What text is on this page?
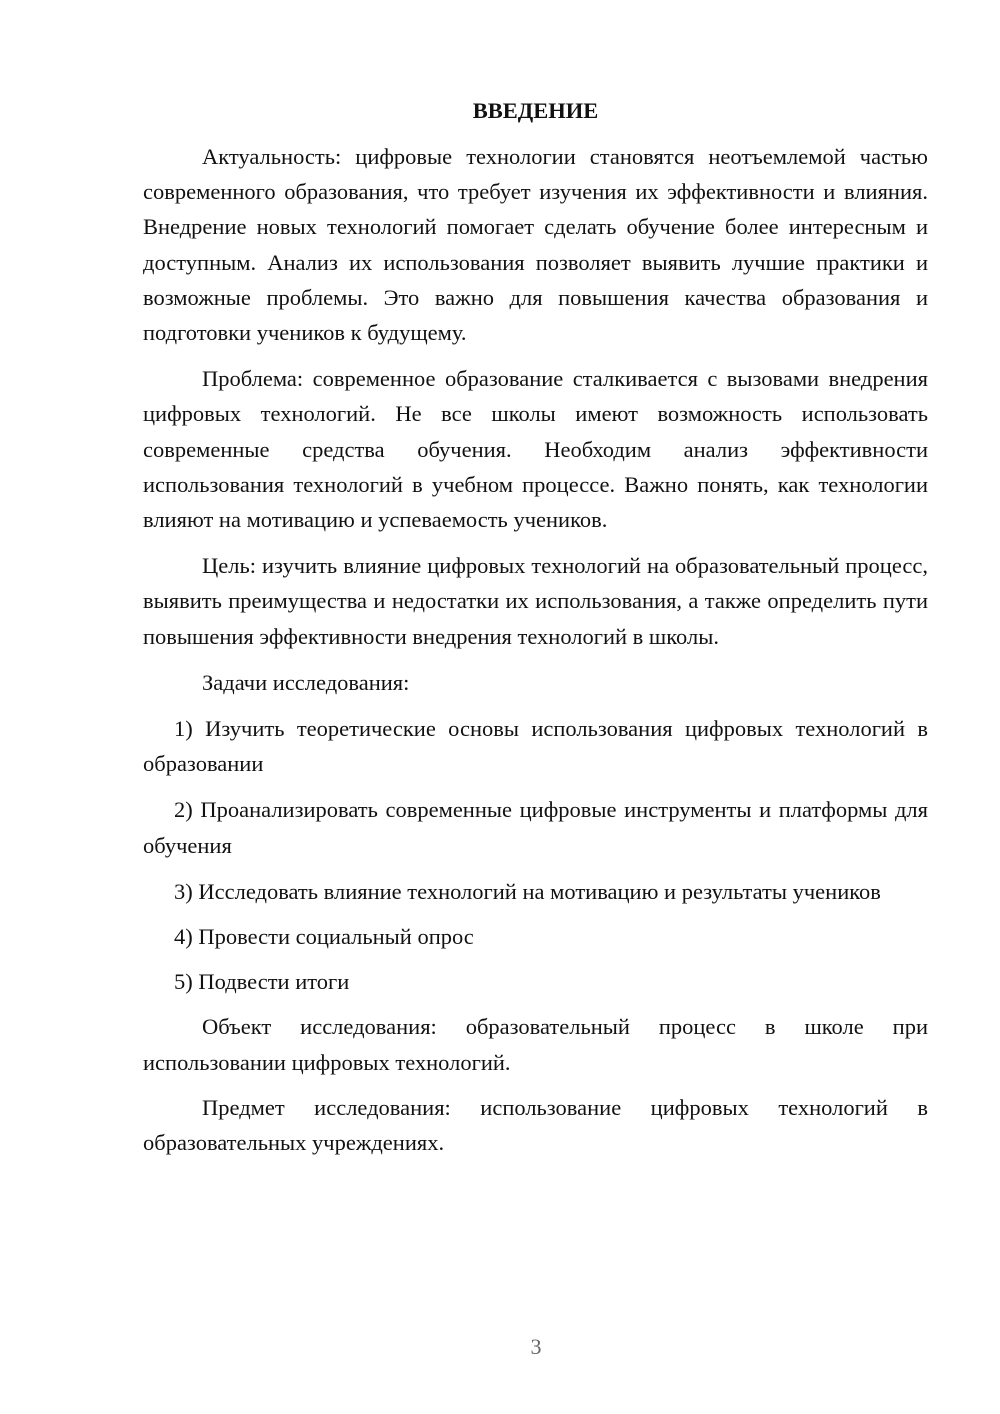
ВВЕДЕНИЕ

Актуальность: цифровые технологии становятся неотъемлемой частью современного образования, что требует изучения их эффективности и влияния. Внедрение новых технологий помогает сделать обучение более интересным и доступным. Анализ их использования позволяет выявить лучшие практики и возможные проблемы. Это важно для повышения качества образования и подготовки учеников к будущему.

Проблема: современное образование сталкивается с вызовами внедрения цифровых технологий. Не все школы имеют возможность использовать современные средства обучения. Необходим анализ эффективности использования технологий в учебном процессе. Важно понять, как технологии влияют на мотивацию и успеваемость учеников.

Цель: изучить влияние цифровых технологий на образовательный процесс, выявить преимущества и недостатки их использования, а также определить пути повышения эффективности внедрения технологий в школы.

Задачи исследования:

1) Изучить теоретические основы использования цифровых технологий в образовании

2) Проанализировать современные цифровые инструменты и платформы для обучения

3) Исследовать влияние технологий на мотивацию и результаты учеников

4) Провести социальный опрос

5) Подвести итоги

Объект исследования: образовательный процесс в школе при использовании цифровых технологий.

Предмет исследования: использование цифровых технологий в образовательных учреждениях.

3
